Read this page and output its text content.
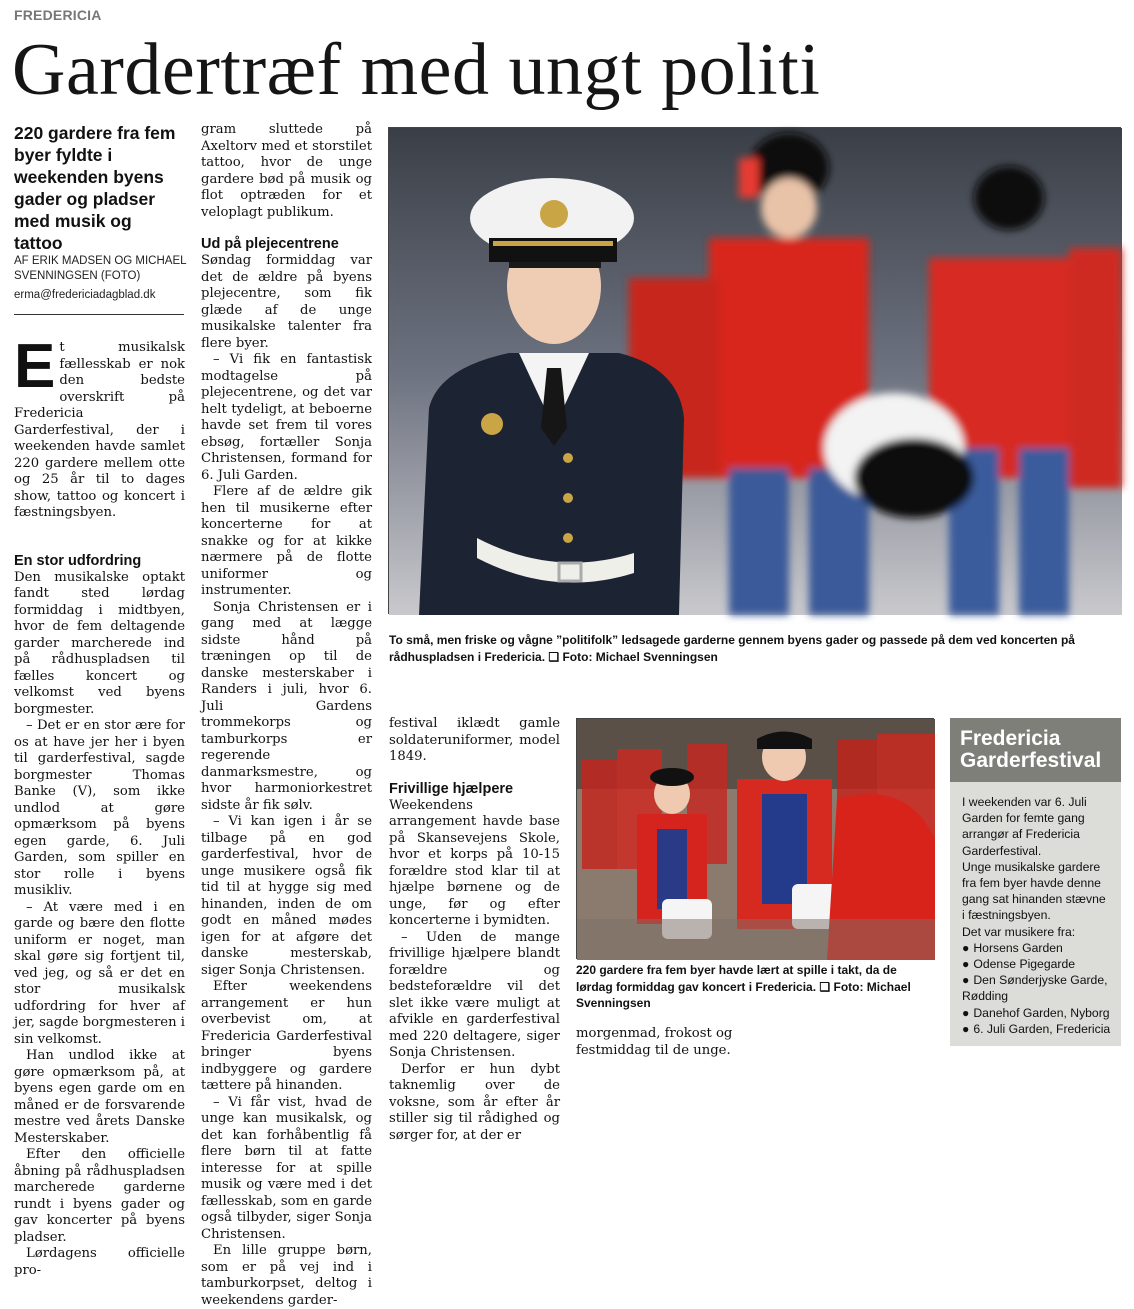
FREDERICIA
Gardertræf med ungt politi
220 gardere fra fem byer fyldte i weekenden byens gader og pladser med musik og tattoo
AF ERIK MADSEN OG MICHAEL SVENNINGSEN (FOTO)
erma@fredericiadagblad.dk

Et musikalsk fællesskab er nok den bedste overskrift på Fredericia Garderfestival, der i weekenden havde samlet 220 gardere mellem otte og 25 år til to dages show, tattoo og koncert i fæstningsbyen.

En stor udfordring

Den musikalske optakt fandt sted lørdag formiddag i midtbyen, hvor de fem deltagende garder marcherede ind på rådhuspladsen til fælles koncert og velkomst ved byens borgmester.

– Det er en stor ære for os at have jer her i byen til garderfestival, sagde borgmester Thomas Banke (V), som ikke undlod at gøre opmærksom på byens egen garde, 6. Juli Garden, som spiller en stor rolle i byens musikliv.

– At være med i en garde og bære den flotte uniform er noget, man skal gøre sig fortjent til, ved jeg, og så er det en stor musikalsk udfordring for hver af jer, sagde borgmesteren i sin velkomst.

Han undlod ikke at gøre opmærksom på, at byens egen garde om en måned er de forsvarende mestre ved årets Danske Mesterskaber.

Efter den officielle åbning på rådhuspladsen marcherede garderne rundt i byens gader og gav koncerter på byens pladser.

Lørdagens officielle pro-

gram sluttede på Axeltorv med et storstilet tattoo, hvor de unge gardere bød på musik og flot optræden for et veloplagt publikum.

Ud på plejecentrene

Søndag formiddag var det de ældre på byens plejecentre, som fik glæde af de unge musikalske talenter fra flere byer.

– Vi fik en fantastisk modtagelse på plejecentrene, og det var helt tydeligt, at beboerne havde set frem til vores ebsøg, fortæller Sonja Christensen, formand for 6. Juli Garden.

Flere af de ældre gik hen til musikerne efter koncerterne for at snakke og for at kikke nærmere på de flotte uniformer og instrumenter.

Sonja Christensen er i gang med at lægge sidste hånd på træningen op til de danske mesterskaber i Randers i juli, hvor 6. Juli Gardens trommekorps og tamburkorps er regerende danmarksmestre, og hvor harmoniorkestret sidste år fik sølv.

– Vi kan igen i år se tilbage på en god garderfestival, hvor de unge musikere også fik tid til at hygge sig med hinanden, inden de om godt en måned mødes igen for at afgøre det danske mesterskab, siger Sonja Christensen.

Efter weekendens arrangement er hun overbevist om, at Fredericia Garderfestival bringer byens indbyggere og gardere tættere på hinanden.

– Vi får vist, hvad de unge kan musikalsk, og det kan forhåbentlig få flere børn til at fatte interesse for at spille musik og være med i det fællesskab, som en garde også tilbyder, siger Sonja Christensen.

En lille gruppe børn, som er på vej ind i tamburkorpset, deltog i weekendens garder-

To små, men friske og vågne ”politifolk” ledsagede garderne gennem byens gader og passede på dem ved koncerten på rådhuspladsen i Fredericia. ❏ Foto: Michael Svenningsen

festival iklædt gamle soldateruniformer, model 1849.

Frivillige hjælpere

Weekendens arrangement havde base på Skansevejens Skole, hvor et korps på 10-15 forældre stod klar til at hjælpe børnene og de unge, før og efter koncerterne i bymidten.

– Uden de mange frivillige hjælpere blandt forældre og bedsteforældre vil det slet ikke være muligt at afvikle en garderfestival med 220 deltagere, siger Sonja Christensen.

Derfor er hun dybt taknemlig over de voksne, som år efter år stiller sig til rådighed og sørger for, at der er

220 gardere fra fem byer havde lært at spille i takt, da de lørdag formiddag gav koncert i Fredericia. ❏ Foto: Michael Svenningsen

morgenmad, frokost og festmiddag til de unge.

Fredericia Garderfestival
I weekenden var 6. Juli Garden for femte gang arrangør af Fredericia Garderfestival.
Unge musikalske gardere fra fem byer havde denne gang sat hinanden stævne i fæstningsbyen.
Det var musikere fra:
● Horsens Garden
● Odense Pigegarde
● Den Sønderjyske Garde, Rødding
● Danehof Garden, Nyborg
● 6. Juli Garden, Fredericia
